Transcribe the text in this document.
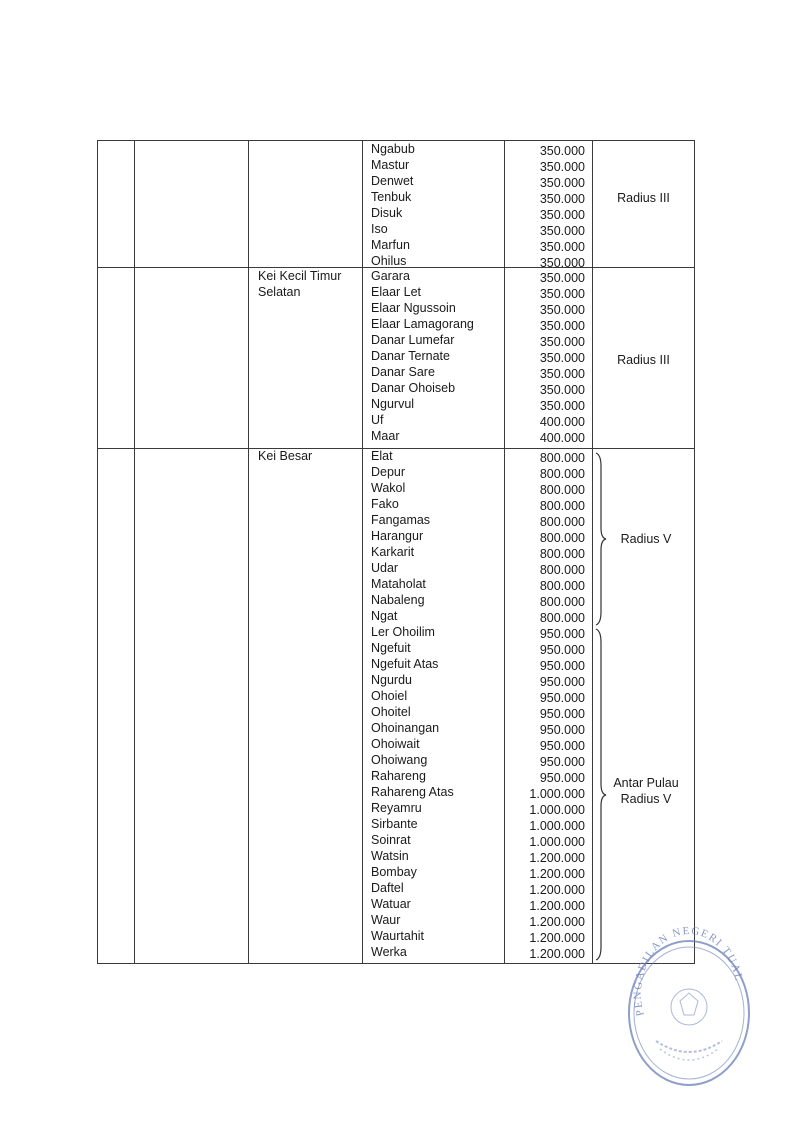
Ngabub	350.000
Mastur	350.000
Denwet	350.000
Tenbuk	350.000
Disuk	350.000
Iso	350.000
Marfun	350.000
Ohilus	350.000
Radius III
Kei Kecil Timur
Selatan
Garara	350.000
Elaar Let	350.000
Elaar Ngussoin	350.000
Elaar Lamagorang	350.000
Danar Lumefar	350.000
Danar Ternate	350.000
Danar Sare	350.000
Danar Ohoiseb	350.000
Ngurvul	350.000
Uf	400.000
Maar	400.000
Radius III
Kei Besar	Elat	800.000
Depur	800.000
Wakol	800.000
Fako	800.000
Fangamas	800.000
Harangur	800.000
Karkarit	800.000
Udar	800.000
Mataholat	800.000
Nabaleng	800.000
Ngat	800.000
Ler Ohoilim	950.000
Ngefuit	950.000
Ngefuit Atas	950.000
Ngurdu	950.000
Ohoiel	950.000
Ohoitel	950.000
Ohoinangan	950.000
Ohoiwait	950.000
Ohoiwang	950.000
Rahareng	950.000
Rahareng Atas	1.000.000
Reyamru	1.000.000
Sirbante	1.000.000
Soinrat	1.000.000
Watsin	1.200.000
Bombay	1.200.000
Daftel	1.200.000
Watuar	1.200.000
Waur	1.200.000
Waurtahit	1.200.000
Werka	1.200.000
Radius V
Antar Pulau
Radius V
PENGADILAN NEGERI TUAL
